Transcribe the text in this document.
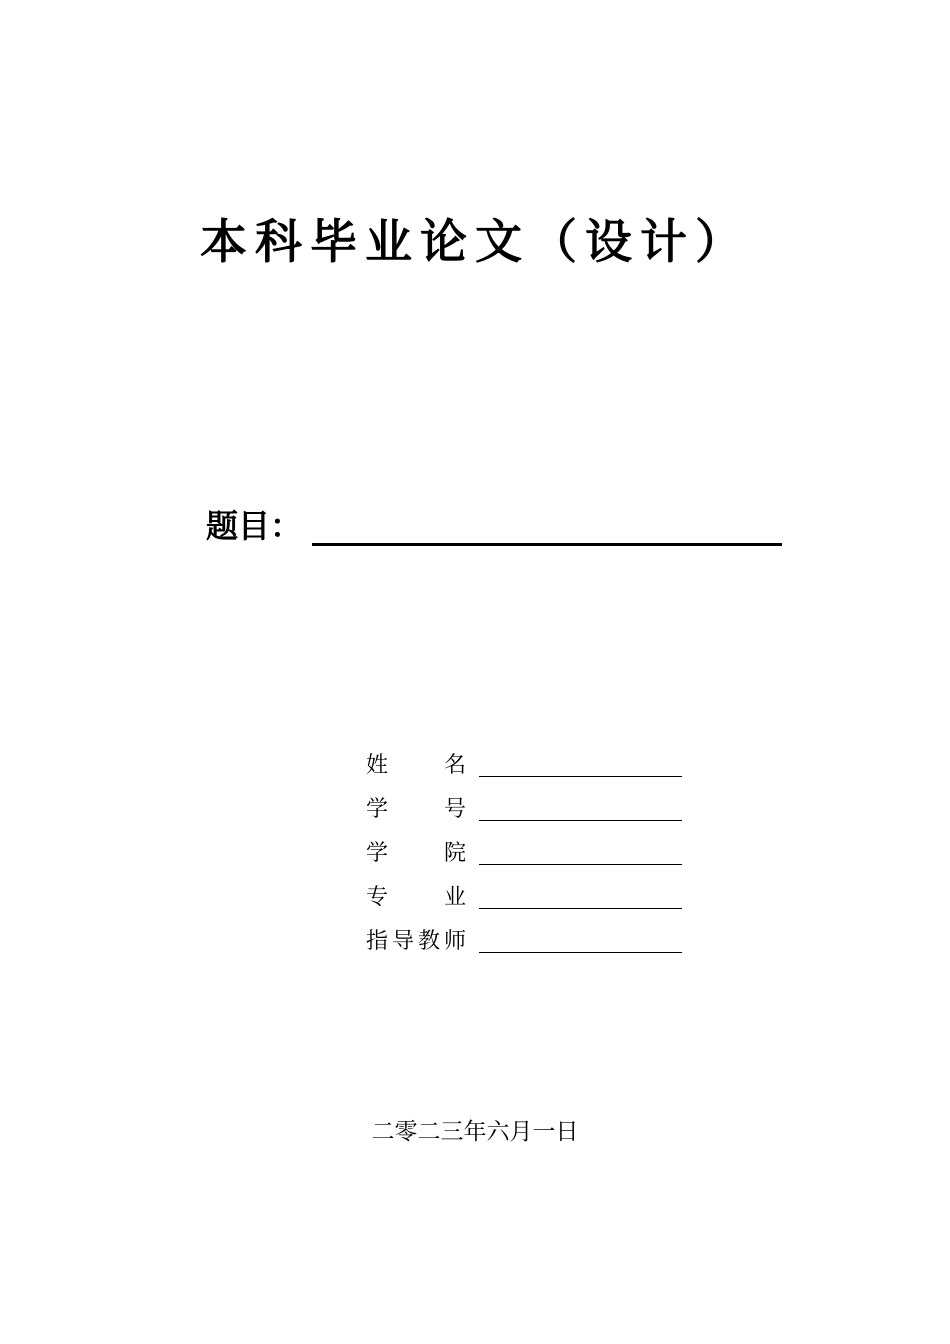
本科毕业论文（设计）
题目：
姓	名
学	号
学	院
专	业
指 导 教 师
二零二三年六月一日
